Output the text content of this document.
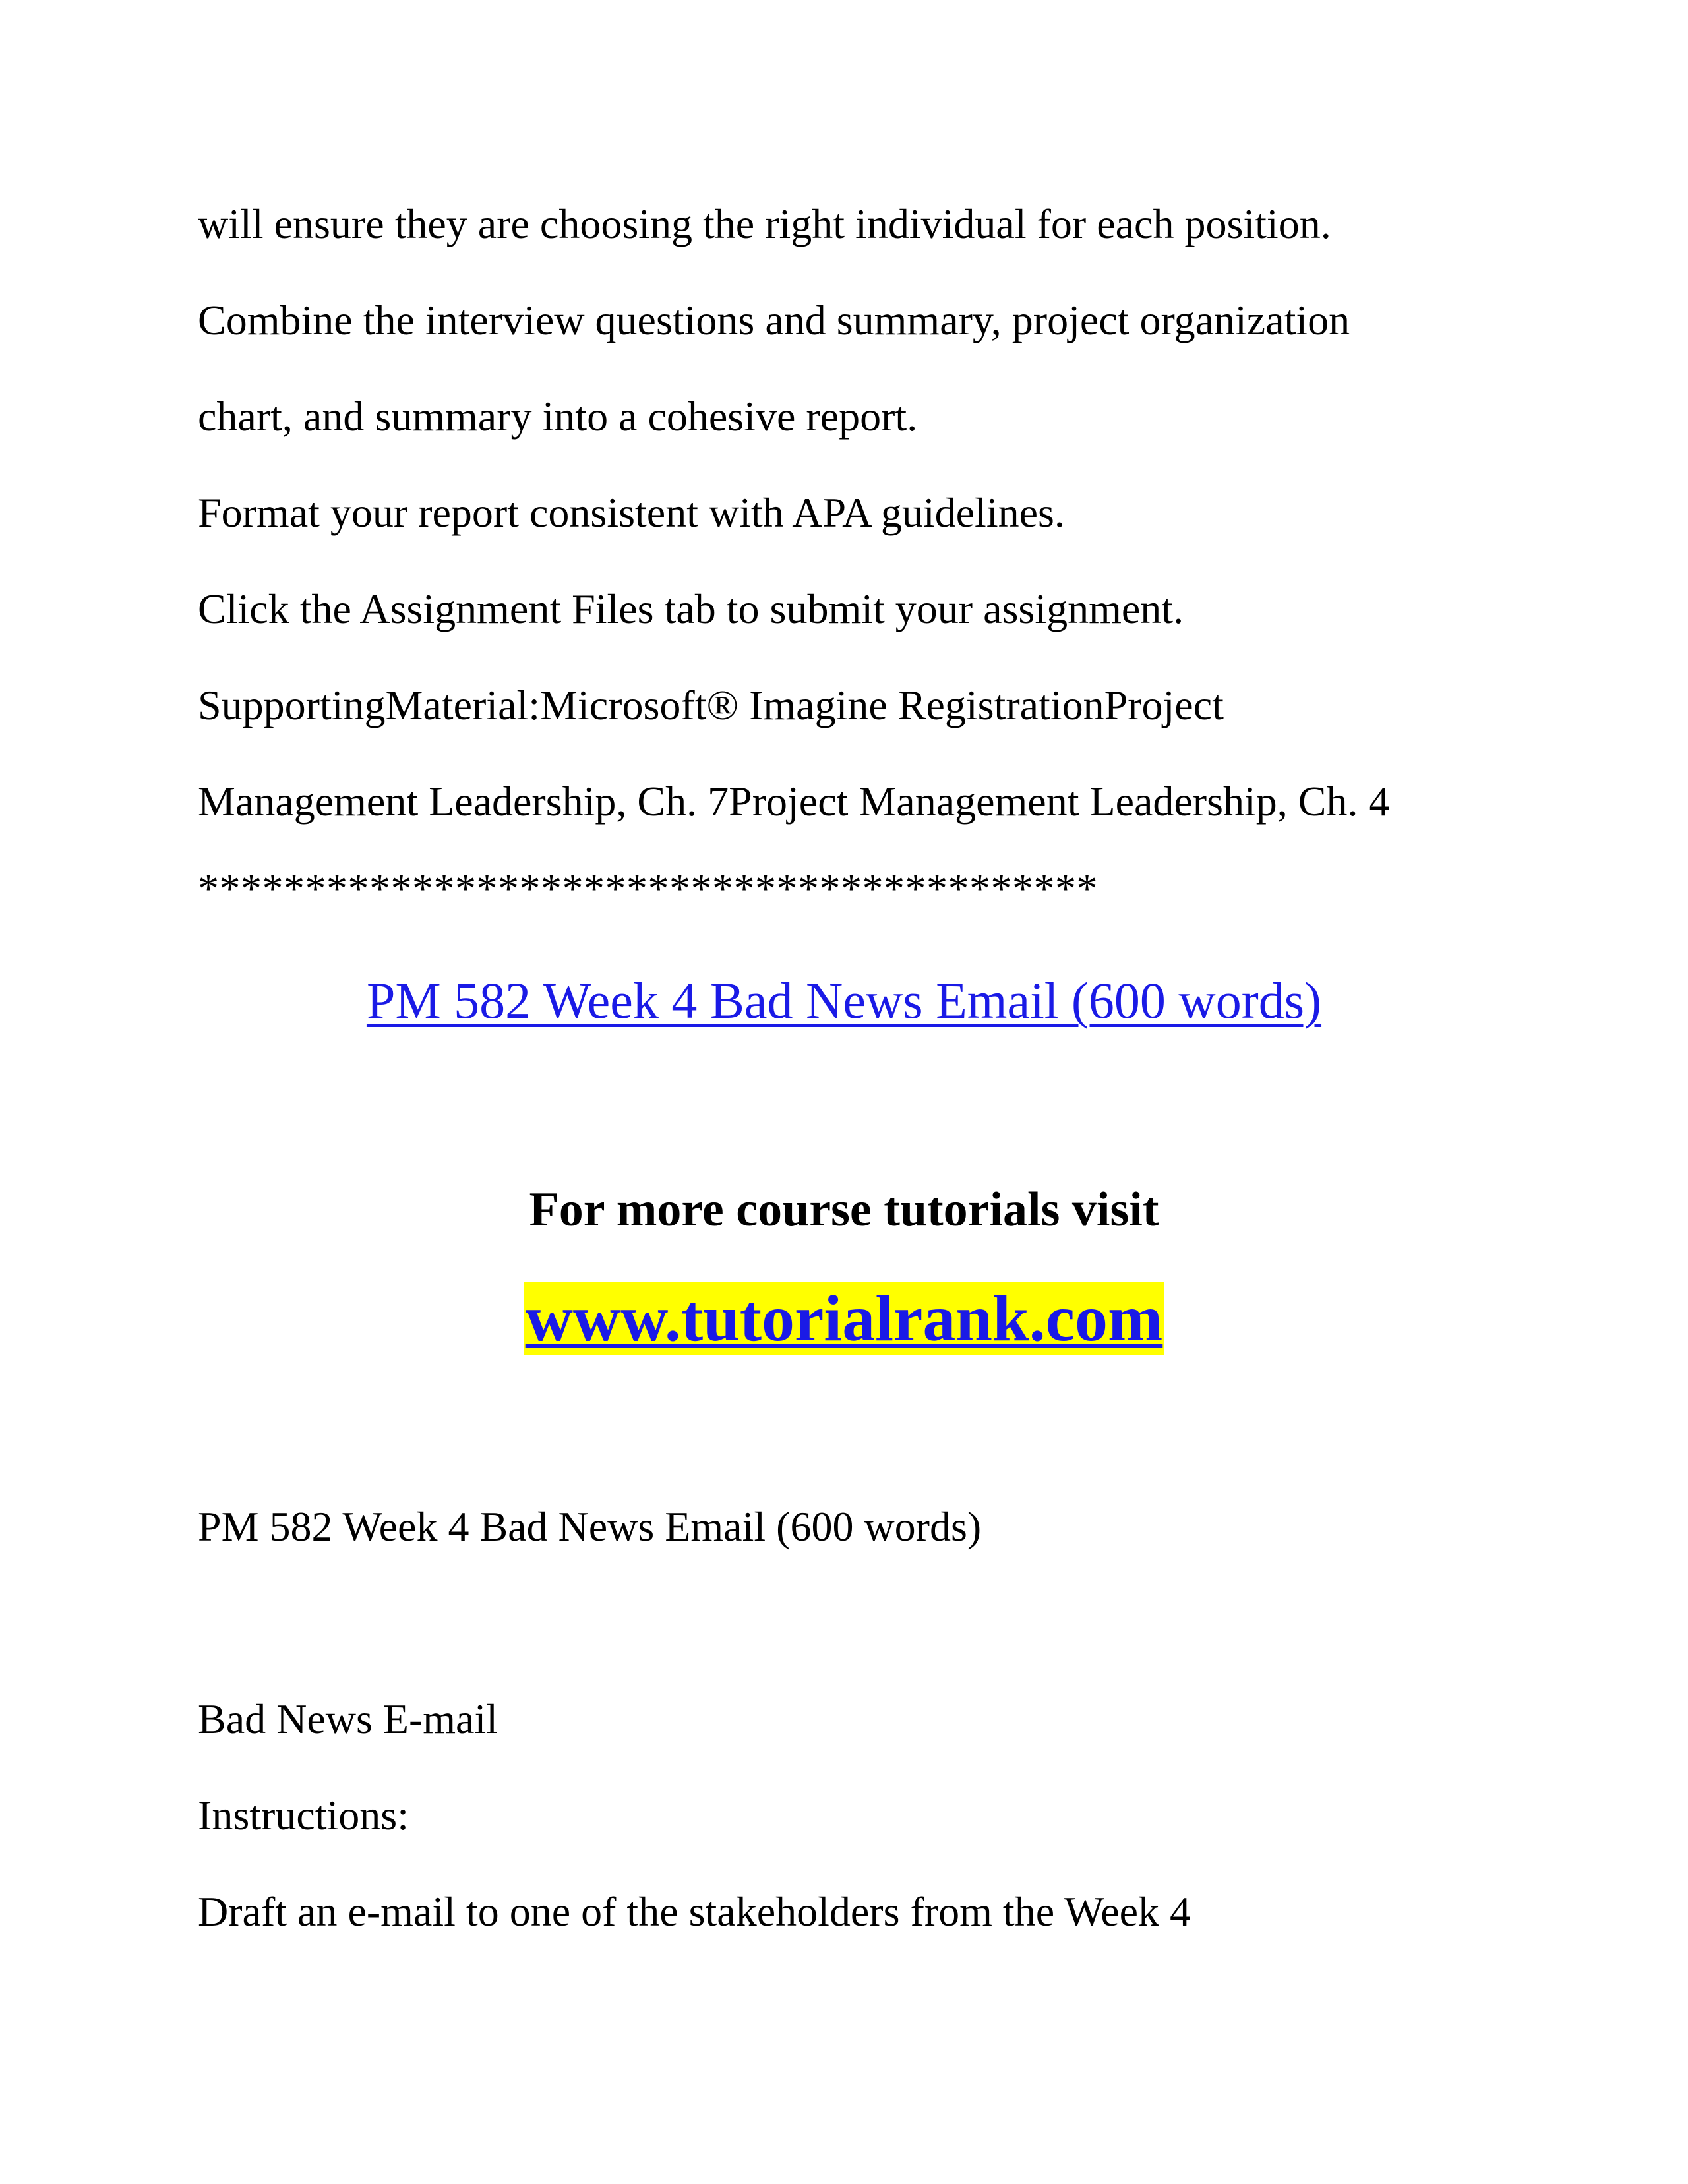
will ensure they are choosing the right individual for each position.

Combine the interview questions and summary, project organization

chart, and summary into a cohesive report.

Format your report consistent with APA guidelines.

Click the Assignment Files tab to submit your assignment.

SupportingMaterial:Microsoft® Imagine RegistrationProject

Management Leadership, Ch. 7Project Management Leadership, Ch. 4

******************************************
PM 582 Week 4 Bad News Email (600 words)

For more course tutorials visit

www.tutorialrank.com

PM 582 Week 4 Bad News Email (600 words)

Bad News E-mail

Instructions:

Draft an e-mail to one of the stakeholders from the Week 4
